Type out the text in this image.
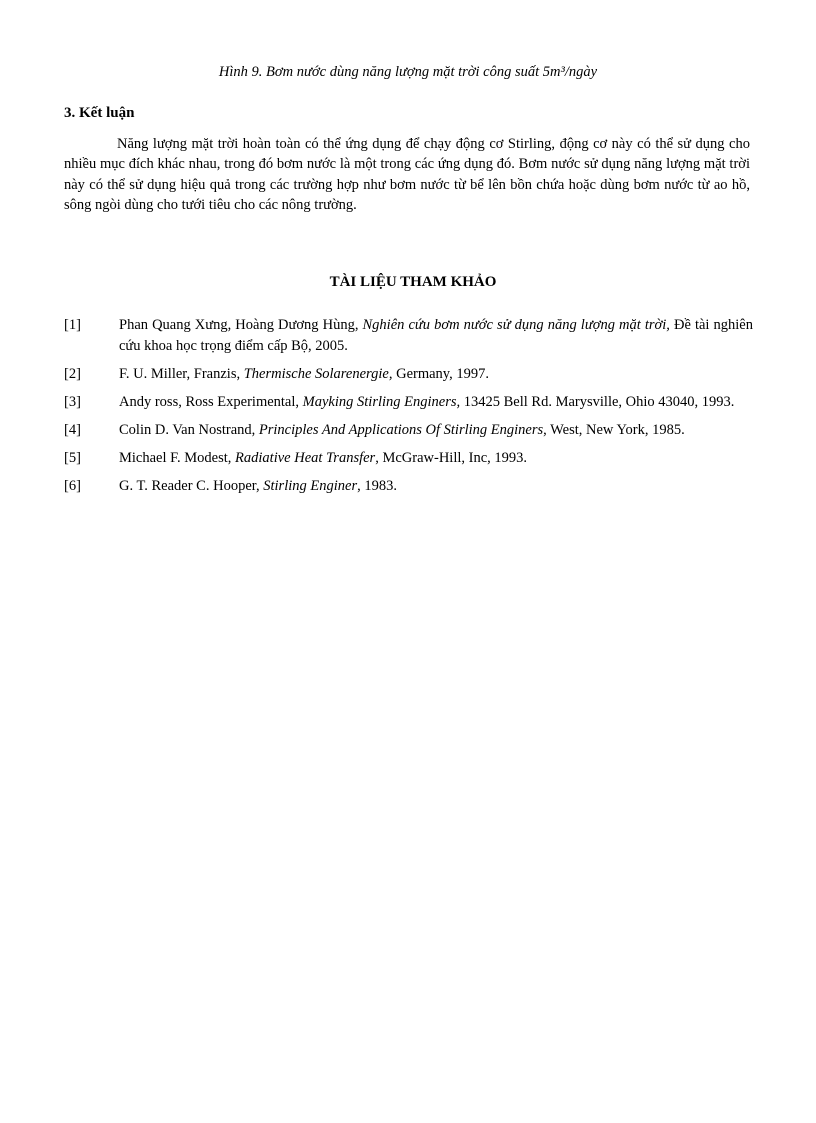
Hình 9. Bơm nước dùng năng lượng mặt trời công suất 5m³/ngày
3. Kết luận

Năng lượng mặt trời hoàn toàn có thể ứng dụng để chạy động cơ Stirling, động cơ này có thể sử dụng cho nhiều mục đích khác nhau, trong đó bơm nước là một trong các ứng dụng đó. Bơm nước sử dụng năng lượng mặt trời này có thể sử dụng hiệu quả trong các trường hợp như bơm nước từ bể lên bồn chứa hoặc dùng bơm nước từ ao hồ, sông ngòi dùng cho tưới tiêu cho các nông trường.

TÀI LIỆU THAM KHẢO
[1]	Phan Quang Xưng, Hoàng Dương Hùng, Nghiên cứu bơm nước sử dụng năng lượng mặt trời, Đề tài nghiên cứu khoa học trọng điểm cấp Bộ, 2005.
[2]	F. U. Miller, Franzis, Thermische Solarenergie, Germany, 1997.
[3]	Andy ross, Ross Experimental, Mayking Stirling Enginers, 13425 Bell Rd. Marysville, Ohio 43040, 1993.
[4]	Colin D. Van Nostrand, Principles And Applications Of Stirling Enginers, West, New York, 1985.
[5]	Michael F. Modest, Radiative Heat Transfer, McGraw-Hill, Inc, 1993.
[6]	G. T. Reader C. Hooper, Stirling Enginer, 1983.
